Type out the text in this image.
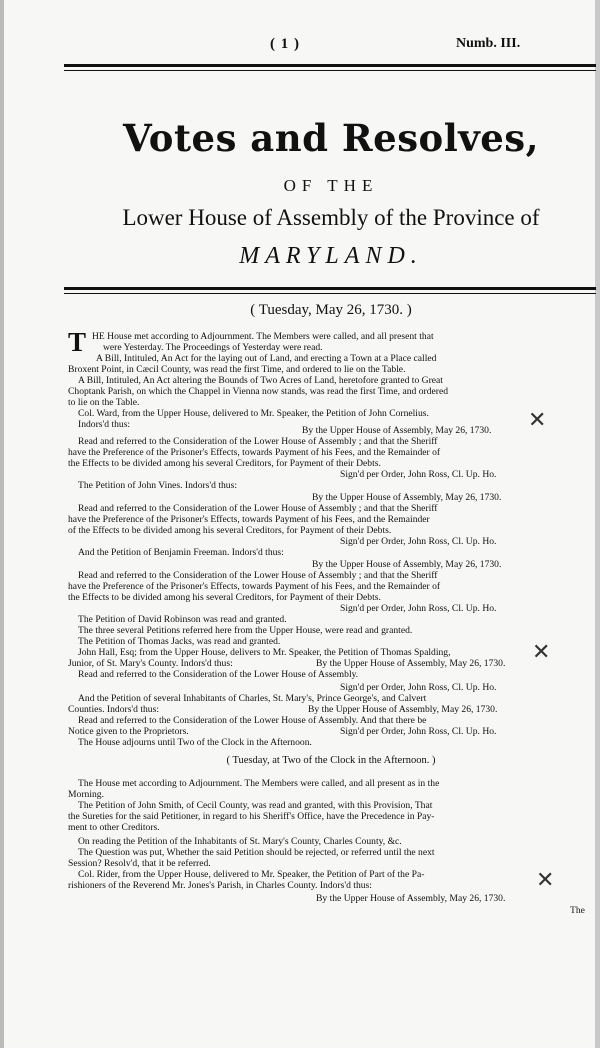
( 1 )	Numb. III.
Votes and Resolves,
OF THE
Lower House of Assembly of the Province of
MARYLAND.
( Tuesday, May 26, 1730. )
T HE House met according to Adjournment. The Members were called, and all present that
were Yesterday. The Proceedings of Yesterday were read.
A Bill, Intituled, An Act for the laying out of Land, and erecting a Town at a Place called
Broxent Point, in Cæcil County, was read the first Time, and ordered to lie on the Table.
A Bill, Intituled, An Act altering the Bounds of Two Acres of Land, heretofore granted to Great
Choptank Parish, on which the Chappel in Vienna now stands, was read the first Time, and ordered
to lie on the Table.
Col. Ward, from the Upper House, delivered to Mr. Speaker, the Petition of John Cornelius.
Indors'd thus:
By the Upper House of Assembly, May 26, 1730.
Read and referred to the Consideration of the Lower House of Assembly ; and that the Sheriff
have the Preference of the Prisoner's Effects, towards Payment of his Fees, and the Remainder of
the Effects to be divided among his several Creditors, for Payment of their Debts.
Sign'd per Order, John Ross, Cl. Up. Ho.
The Petition of John Vines. Indors'd thus:
By the Upper House of Assembly, May 26, 1730.
Read and referred to the Consideration of the Lower House of Assembly ; and that the Sheriff
have the Preference of the Prisoner's Effects, towards Payment of his Fees, and the Remainder
of the Effects to be divided among his several Creditors, for Payment of their Debts.
Sign'd per Order, John Ross, Cl. Up. Ho.
And the Petition of Benjamin Freeman. Indors'd thus:
By the Upper House of Assembly, May 26, 1730.
Read and referred to the Consideration of the Lower House of Assembly ; and that the Sheriff
have the Preference of the Prisoner's Effects, towards Payment of his Fees, and the Remainder of
the Effects to be divided among his several Creditors, for Payment of their Debts.
Sign'd per Order, John Ross, Cl. Up. Ho.
The Petition of David Robinson was read and granted.
The three several Petitions referred here from the Upper House, were read and granted.
The Petition of Thomas Jacks, was read and granted.
John Hall, Esq; from the Upper House, delivers to Mr. Speaker, the Petition of Thomas Spalding,
Junior, of St. Mary's County. Indors'd thus:	By the Upper House of Assembly, May 26, 1730.
Read and referred to the Consideration of the Lower House of Assembly.
Sign'd per Order, John Ross, Cl. Up. Ho.
And the Petition of several Inhabitants of Charles, St. Mary's, Prince George's, and Calvert
Counties. Indors'd thus:	By the Upper House of Assembly, May 26, 1730.
Read and referred to the Consideration of the Lower House of Assembly. And that there be
Notice given to the Proprietors.	Sign'd per Order, John Ross, Cl. Up. Ho.
The House adjourns until Two of the Clock in the Afternoon.
The House met according to Adjournment. The Members were called, and all present as in the
Morning.
The Petition of John Smith, of Cecil County, was read and granted, with this Provision, That
the Sureties for the said Petitioner, in regard to his Sheriff's Office, have the Precedence in Pay-
ment to other Creditors.
On reading the Petition of the Inhabitants of St. Mary's County, Charles County, &c.
The Question was put, Whether the said Petition should be rejected, or referred until the next
Session? Resolv'd, that it be referred.
Col. Rider, from the Upper House, delivered to Mr. Speaker, the Petition of Part of the Pa-
rishioners of the Reverend Mr. Jones's Parish, in Charles County. Indors'd thus:
By the Upper House of Assembly, May 26, 1730.
The
( Tuesday, at Two of the Clock in the Afternoon. )
✕
✕
✕
